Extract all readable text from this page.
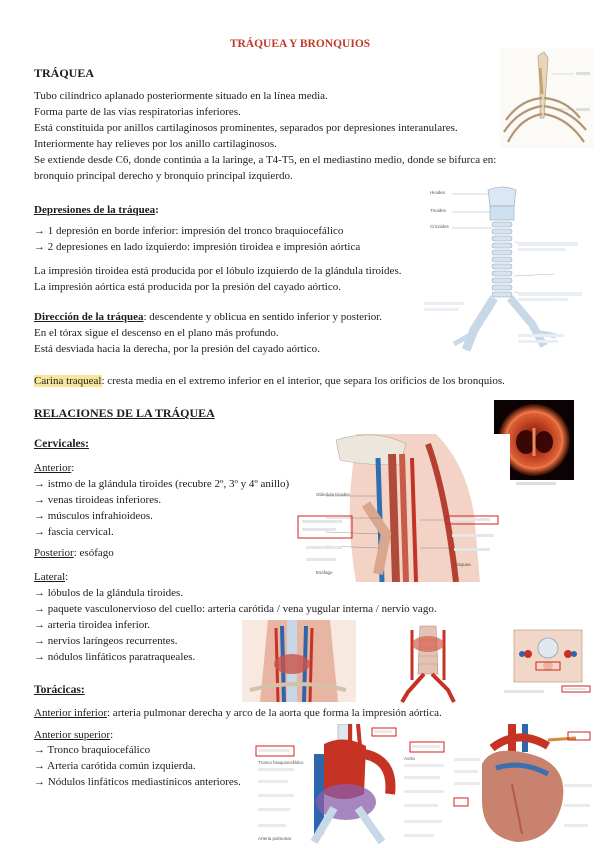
TRÁQUEA Y BRONQUIOS
TRÁQUEA
Tubo cilíndrico aplanado posteriormente situado en la línea media.
Forma parte de las vías respiratorias inferiores.
Está constituida por anillos cartilaginosos prominentes, separados por depresiones interanulares.
Interiormente hay relieves por los anillo cartilaginosos.
Se extiende desde C6, donde continúa a la laringe, a T4-T5, en el mediastino medio, donde se bifurca en:
bronquio principal derecho y bronquio principal izquierdo.
Depresiones de la tráquea:
→ 1 depresión en borde inferior: impresión del tronco braquiocefálico
→ 2 depresiones en lado izquierdo: impresión tiroidea e impresión aórtica
La impresión tiroidea está producida por el lóbulo izquierdo de la glándula tiroides.
La impresión aórtica está producida por la presión del cayado aórtico.
Dirección de la tráquea: descendente y oblicua en sentido inferior y posterior.
En el tórax sigue el descenso en el plano más profundo.
Está desviada hacia la derecha, por la presión del cayado aórtico.
Carina traqueal: cresta media en el extremo inferior en el interior, que separa los orificios de los bronquios.
RELACIONES DE LA TRÁQUEA
Cervicales:
Anterior:
→ istmo de la glándula tiroides (recubre 2º, 3º y 4º anillo)
→ venas tiroideas inferiores.
→ músculos infrahioideos.
→ fascia cervical.
Posterior: esófago
Lateral:
→ lóbulos de la glándula tiroides.
→ paquete vasculonervioso del cuello: arteria carótida / vena yugular interna / nervio vago.
→ arteria tiroidea inferior.
→ nervios laríngeos recurrentes.
→ nódulos linfáticos paratraqueales.
Torácicas:
Anterior inferior: arteria pulmonar derecha y arco de la aorta que forma la impresión aórtica.
Anterior superior:
→ Tronco braquiocefálico
→ Arteria carótida común izquierda.
→ Nódulos linfáticos mediastínicos anteriores.
Hioides
Tiroides
Cricoides
Glándula tiroides
Tráquea
Esófago
Tronco braquiocefálico
Aorta
Arteria pulmonar
